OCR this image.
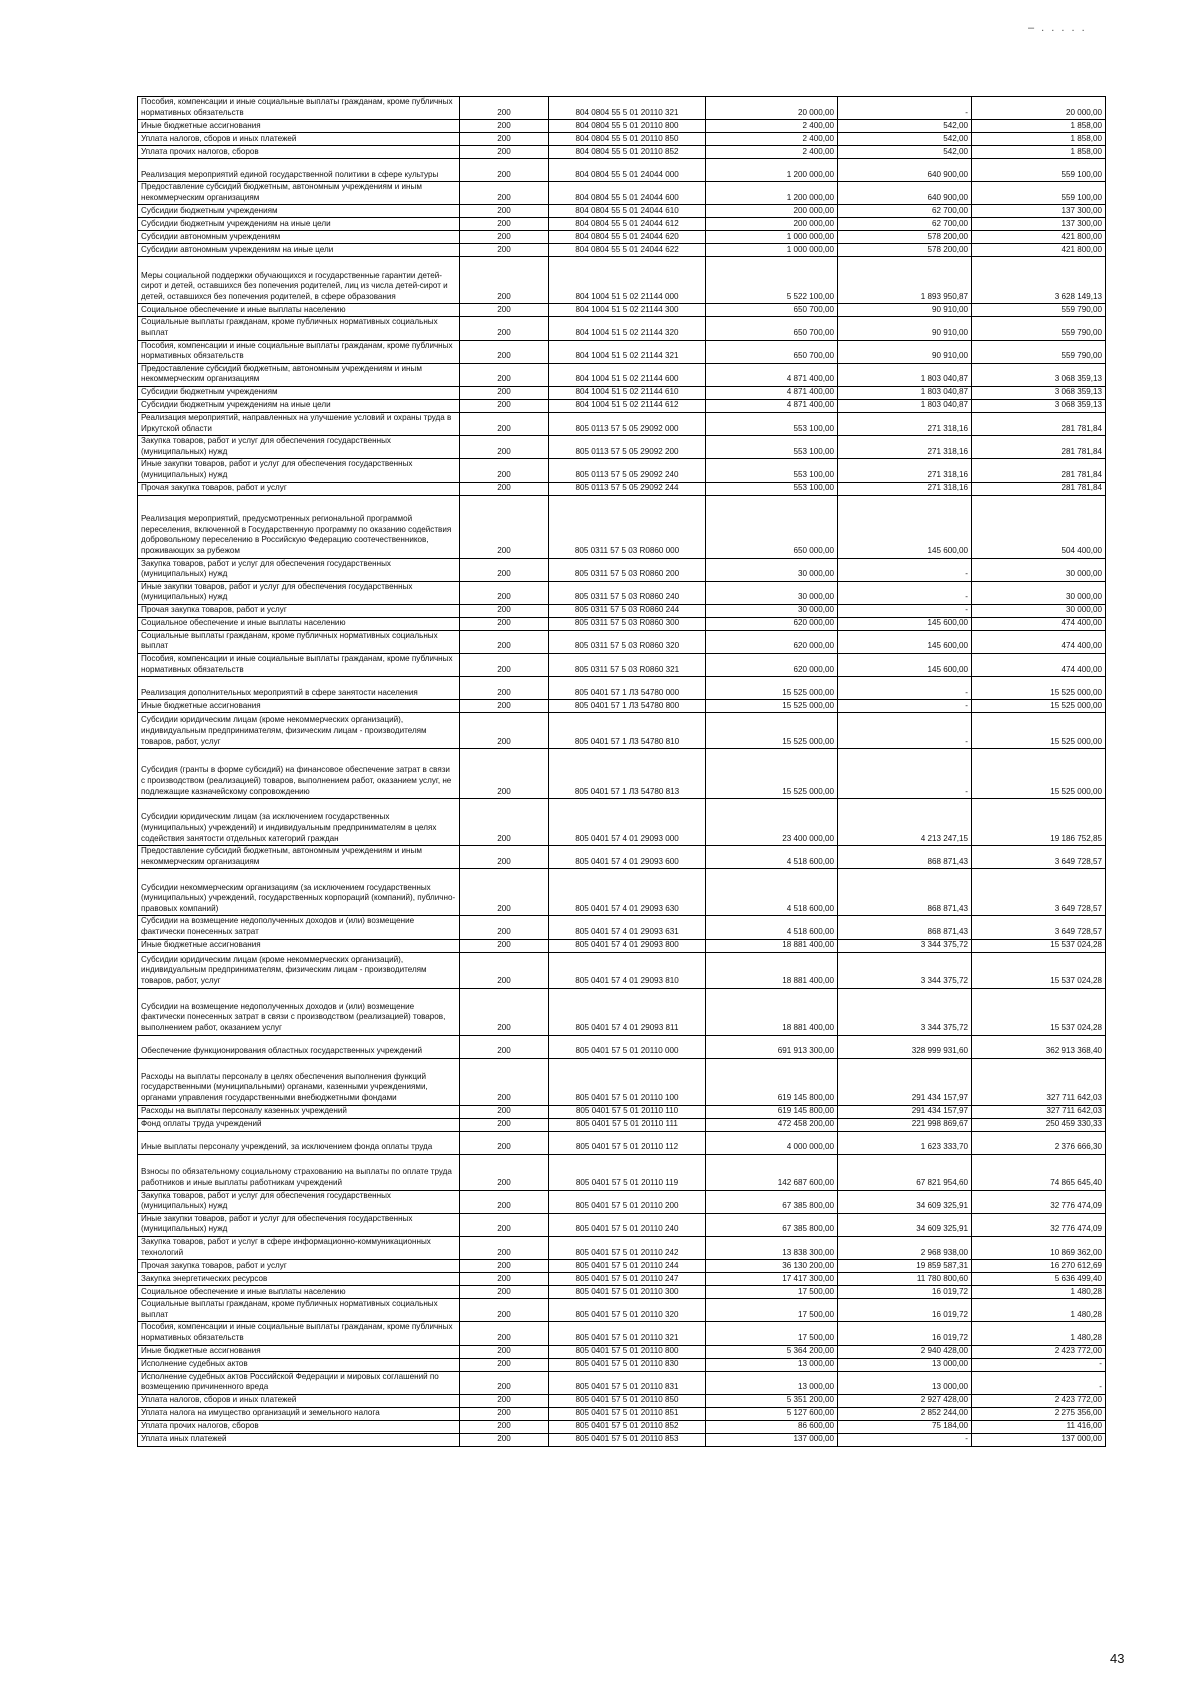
– . . . . .
Пособия, компенсации и иные социальные выплаты гражданам, кроме публичных нормативных обязательств	200	804 0804 55 5 01 20110 321	20 000,00	-	20 000,00
Иные бюджетные ассигнования	200	804 0804 55 5 01 20110 800	2 400,00	542,00	1 858,00
Уплата налогов, сборов и иных платежей	200	804 0804 55 5 01 20110 850	2 400,00	542,00	1 858,00
Уплата прочих налогов, сборов	200	804 0804 55 5 01 20110 852	2 400,00	542,00	1 858,00
Реализация мероприятий единой государственной политики в сфере культуры	200	804 0804 55 5 01 24044 000	1 200 000,00	640 900,00	559 100,00
Предоставление субсидий бюджетным, автономным учреждениям и иным некоммерческим организациям	200	804 0804 55 5 01 24044 600	1 200 000,00	640 900,00	559 100,00
Субсидии бюджетным учреждениям	200	804 0804 55 5 01 24044 610	200 000,00	62 700,00	137 300,00
Субсидии бюджетным учреждениям на иные цели	200	804 0804 55 5 01 24044 612	200 000,00	62 700,00	137 300,00
Субсидии автономным учреждениям	200	804 0804 55 5 01 24044 620	1 000 000,00	578 200,00	421 800,00
Субсидии автономным учреждениям на иные цели	200	804 0804 55 5 01 24044 622	1 000 000,00	578 200,00	421 800,00
Меры социальной поддержки обучающихся и государственные гарантии детей-сирот и детей, оставшихся без попечения родителей, лиц из числа детей-сирот и детей, оставшихся без попечения родителей, в сфере образования	200	804 1004 51 5 02 21144 000	5 522 100,00	1 893 950,87	3 628 149,13
Социальное обеспечение и иные выплаты населению	200	804 1004 51 5 02 21144 300	650 700,00	90 910,00	559 790,00
Социальные выплаты гражданам, кроме публичных нормативных социальных выплат	200	804 1004 51 5 02 21144 320	650 700,00	90 910,00	559 790,00
Пособия, компенсации и иные социальные выплаты гражданам, кроме публичных нормативных обязательств	200	804 1004 51 5 02 21144 321	650 700,00	90 910,00	559 790,00
Предоставление субсидий бюджетным, автономным учреждениям и иным некоммерческим организациям	200	804 1004 51 5 02 21144 600	4 871 400,00	1 803 040,87	3 068 359,13
Субсидии бюджетным учреждениям	200	804 1004 51 5 02 21144 610	4 871 400,00	1 803 040,87	3 068 359,13
Субсидии бюджетным учреждениям на иные цели	200	804 1004 51 5 02 21144 612	4 871 400,00	1 803 040,87	3 068 359,13
Реализация мероприятий, направленных на улучшение условий и охраны труда в Иркутской области	200	805 0113 57 5 05 29092 000	553 100,00	271 318,16	281 781,84
Закупка товаров, работ и услуг для обеспечения государственных (муниципальных) нужд	200	805 0113 57 5 05 29092 200	553 100,00	271 318,16	281 781,84
Иные закупки товаров, работ и услуг для обеспечения государственных (муниципальных) нужд	200	805 0113 57 5 05 29092 240	553 100,00	271 318,16	281 781,84
Прочая закупка товаров, работ и услуг	200	805 0113 57 5 05 29092 244	553 100,00	271 318,16	281 781,84
Реализация мероприятий, предусмотренных региональной программой переселения, включенной в Государственную программу по оказанию содействия добровольному переселению в Российскую Федерацию соотечественников, проживающих за рубежом	200	805 0311 57 5 03 R0860 000	650 000,00	145 600,00	504 400,00
Закупка товаров, работ и услуг для обеспечения государственных (муниципальных) нужд	200	805 0311 57 5 03 R0860 200	30 000,00	-	30 000,00
Иные закупки товаров, работ и услуг для обеспечения государственных (муниципальных) нужд	200	805 0311 57 5 03 R0860 240	30 000,00	-	30 000,00
Прочая закупка товаров, работ и услуг	200	805 0311 57 5 03 R0860 244	30 000,00	-	30 000,00
Социальное обеспечение и иные выплаты населению	200	805 0311 57 5 03 R0860 300	620 000,00	145 600,00	474 400,00
Социальные выплаты гражданам, кроме публичных нормативных социальных выплат	200	805 0311 57 5 03 R0860 320	620 000,00	145 600,00	474 400,00
Пособия, компенсации и иные социальные выплаты гражданам, кроме публичных нормативных обязательств	200	805 0311 57 5 03 R0860 321	620 000,00	145 600,00	474 400,00
Реализация дополнительных мероприятий в сфере занятости населения	200	805 0401 57 1 Л3 54780 000	15 525 000,00	-	15 525 000,00
Иные бюджетные ассигнования	200	805 0401 57 1 Л3 54780 800	15 525 000,00	-	15 525 000,00
Субсидии юридическим лицам (кроме некоммерческих организаций), индивидуальным предпринимателям, физическим лицам - производителям товаров, работ, услуг	200	805 0401 57 1 Л3 54780 810	15 525 000,00	-	15 525 000,00
Субсидия (гранты в форме субсидий) на финансовое обеспечение затрат в связи с производством (реализацией) товаров, выполнением работ, оказанием услуг, не подлежащие казначейскому сопровождению	200	805 0401 57 1 Л3 54780 813	15 525 000,00	-	15 525 000,00
Субсидии юридическим лицам (за исключением государственных (муниципальных) учреждений) и индивидуальным предпринимателям в целях содействия занятости отдельных категорий граждан	200	805 0401 57 4 01 29093 000	23 400 000,00	4 213 247,15	19 186 752,85
Предоставление субсидий бюджетным, автономным учреждениям и иным некоммерческим организациям	200	805 0401 57 4 01 29093 600	4 518 600,00	868 871,43	3 649 728,57
Субсидии некоммерческим организациям (за исключением государственных (муниципальных) учреждений, государственных корпораций (компаний), публично-правовых компаний)	200	805 0401 57 4 01 29093 630	4 518 600,00	868 871,43	3 649 728,57
Субсидии на возмещение недополученных доходов и (или) возмещение фактически понесенных затрат	200	805 0401 57 4 01 29093 631	4 518 600,00	868 871,43	3 649 728,57
Иные бюджетные ассигнования	200	805 0401 57 4 01 29093 800	18 881 400,00	3 344 375,72	15 537 024,28
Субсидии юридическим лицам (кроме некоммерческих организаций), индивидуальным предпринимателям, физическим лицам - производителям товаров, работ, услуг	200	805 0401 57 4 01 29093 810	18 881 400,00	3 344 375,72	15 537 024,28
Субсидии на возмещение недополученных доходов и (или) возмещение фактически понесенных затрат в связи с производством (реализацией) товаров, выполнением работ, оказанием услуг	200	805 0401 57 4 01 29093 811	18 881 400,00	3 344 375,72	15 537 024,28
Обеспечение функционирования областных государственных учреждений	200	805 0401 57 5 01 20110 000	691 913 300,00	328 999 931,60	362 913 368,40
Расходы на выплаты персоналу в целях обеспечения выполнения функций государственными (муниципальными) органами, казенными учреждениями, органами управления государственными внебюджетными фондами	200	805 0401 57 5 01 20110 100	619 145 800,00	291 434 157,97	327 711 642,03
Расходы на выплаты персоналу казенных учреждений	200	805 0401 57 5 01 20110 110	619 145 800,00	291 434 157,97	327 711 642,03
Фонд оплаты труда учреждений	200	805 0401 57 5 01 20110 111	472 458 200,00	221 998 869,67	250 459 330,33
Иные выплаты персоналу учреждений, за исключением фонда оплаты труда	200	805 0401 57 5 01 20110 112	4 000 000,00	1 623 333,70	2 376 666,30
Взносы по обязательному социальному страхованию на выплаты по оплате труда работников и иные выплаты работникам учреждений	200	805 0401 57 5 01 20110 119	142 687 600,00	67 821 954,60	74 865 645,40
Закупка товаров, работ и услуг для обеспечения государственных (муниципальных) нужд	200	805 0401 57 5 01 20110 200	67 385 800,00	34 609 325,91	32 776 474,09
Иные закупки товаров, работ и услуг для обеспечения государственных (муниципальных) нужд	200	805 0401 57 5 01 20110 240	67 385 800,00	34 609 325,91	32 776 474,09
Закупка товаров, работ и услуг в сфере информационно-коммуникационных технологий	200	805 0401 57 5 01 20110 242	13 838 300,00	2 968 938,00	10 869 362,00
Прочая закупка товаров, работ и услуг	200	805 0401 57 5 01 20110 244	36 130 200,00	19 859 587,31	16 270 612,69
Закупка энергетических ресурсов	200	805 0401 57 5 01 20110 247	17 417 300,00	11 780 800,60	5 636 499,40
Социальное обеспечение и иные выплаты населению	200	805 0401 57 5 01 20110 300	17 500,00	16 019,72	1 480,28
Социальные выплаты гражданам, кроме публичных нормативных социальных выплат	200	805 0401 57 5 01 20110 320	17 500,00	16 019,72	1 480,28
Пособия, компенсации и иные социальные выплаты гражданам, кроме публичных нормативных обязательств	200	805 0401 57 5 01 20110 321	17 500,00	16 019,72	1 480,28
Иные бюджетные ассигнования	200	805 0401 57 5 01 20110 800	5 364 200,00	2 940 428,00	2 423 772,00
Исполнение судебных актов	200	805 0401 57 5 01 20110 830	13 000,00	13 000,00	-
Исполнение судебных актов Российской Федерации и мировых соглашений по возмещению причиненного вреда	200	805 0401 57 5 01 20110 831	13 000,00	13 000,00	-
Уплата налогов, сборов и иных платежей	200	805 0401 57 5 01 20110 850	5 351 200,00	2 927 428,00	2 423 772,00
Уплата налога на имущество организаций и земельного налога	200	805 0401 57 5 01 20110 851	5 127 600,00	2 852 244,00	2 275 356,00
Уплата прочих налогов, сборов	200	805 0401 57 5 01 20110 852	86 600,00	75 184,00	11 416,00
Уплата иных платежей	200	805 0401 57 5 01 20110 853	137 000,00	-	137 000,00
43
